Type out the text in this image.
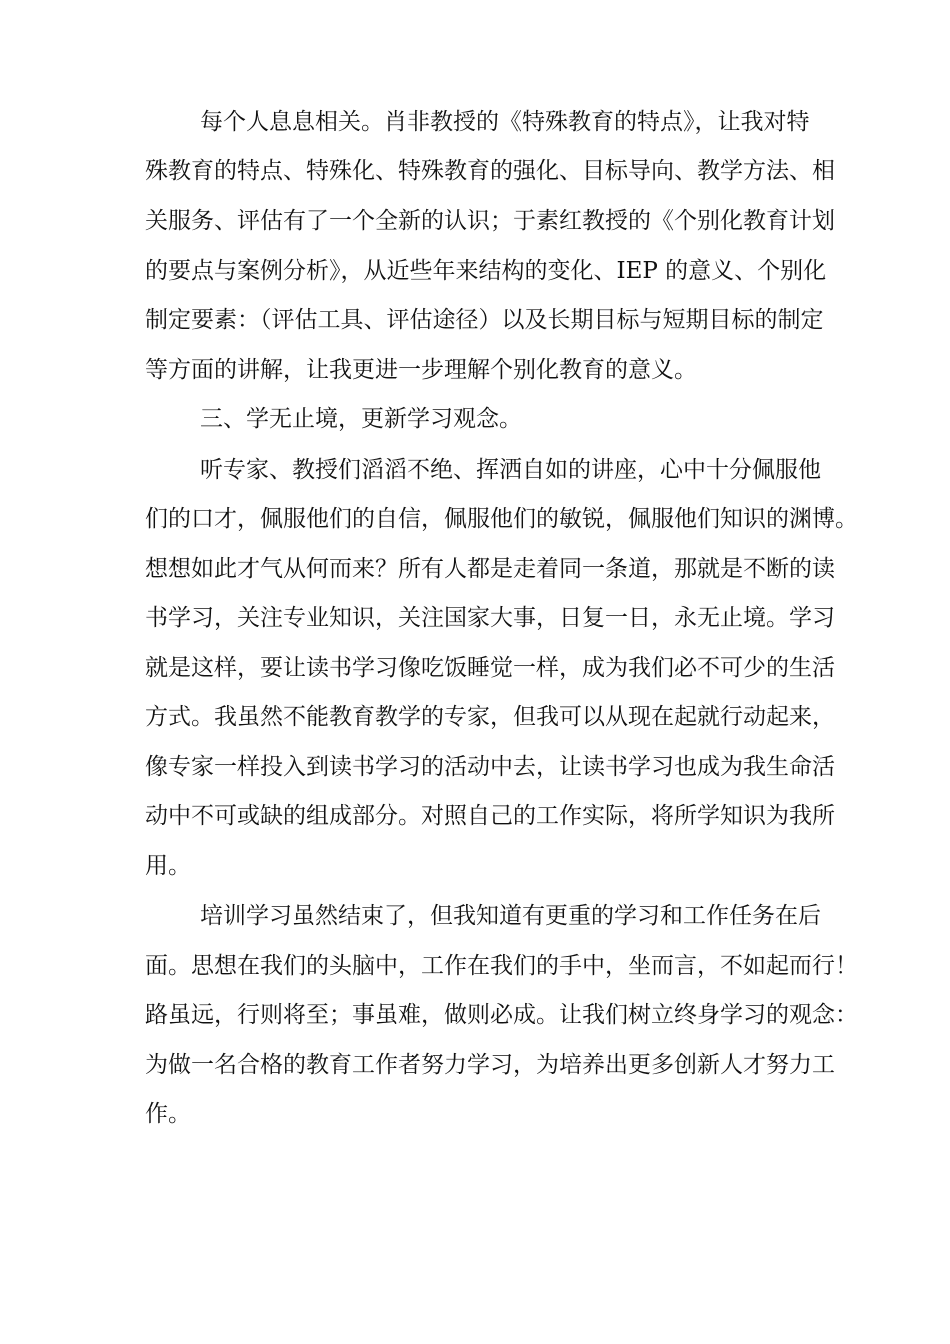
每个人息息相关。肖非教授的《特殊教育的特点》，让我对特
殊教育的特点、特殊化、特殊教育的强化、目标导向、教学方法、相
关服务、评估有了一个全新的认识；于素红教授的《个别化教育计划
的要点与案例分析》，从近些年来结构的变化、IEP 的意义、个别化
制定要素：（评估工具、评估途径）以及长期目标与短期目标的制定
等方面的讲解，让我更进一步理解个别化教育的意义。
三、学无止境，更新学习观念。
听专家、教授们滔滔不绝、挥洒自如的讲座，心中十分佩服他
们的口才，佩服他们的自信，佩服他们的敏锐，佩服他们知识的渊博。
想想如此才气从何而来？所有人都是走着同一条道，那就是不断的读
书学习，关注专业知识，关注国家大事，日复一日，永无止境。学习
就是这样，要让读书学习像吃饭睡觉一样，成为我们必不可少的生活
方式。我虽然不能教育教学的专家，但我可以从现在起就行动起来，
像专家一样投入到读书学习的活动中去，让读书学习也成为我生命活
动中不可或缺的组成部分。对照自己的工作实际，将所学知识为我所
用。
培训学习虽然结束了，但我知道有更重的学习和工作任务在后
面。思想在我们的头脑中，工作在我们的手中，坐而言，不如起而行！
路虽远，行则将至；事虽难，做则必成。让我们树立终身学习的观念：
为做一名合格的教育工作者努力学习，为培养出更多创新人才努力工
作。
